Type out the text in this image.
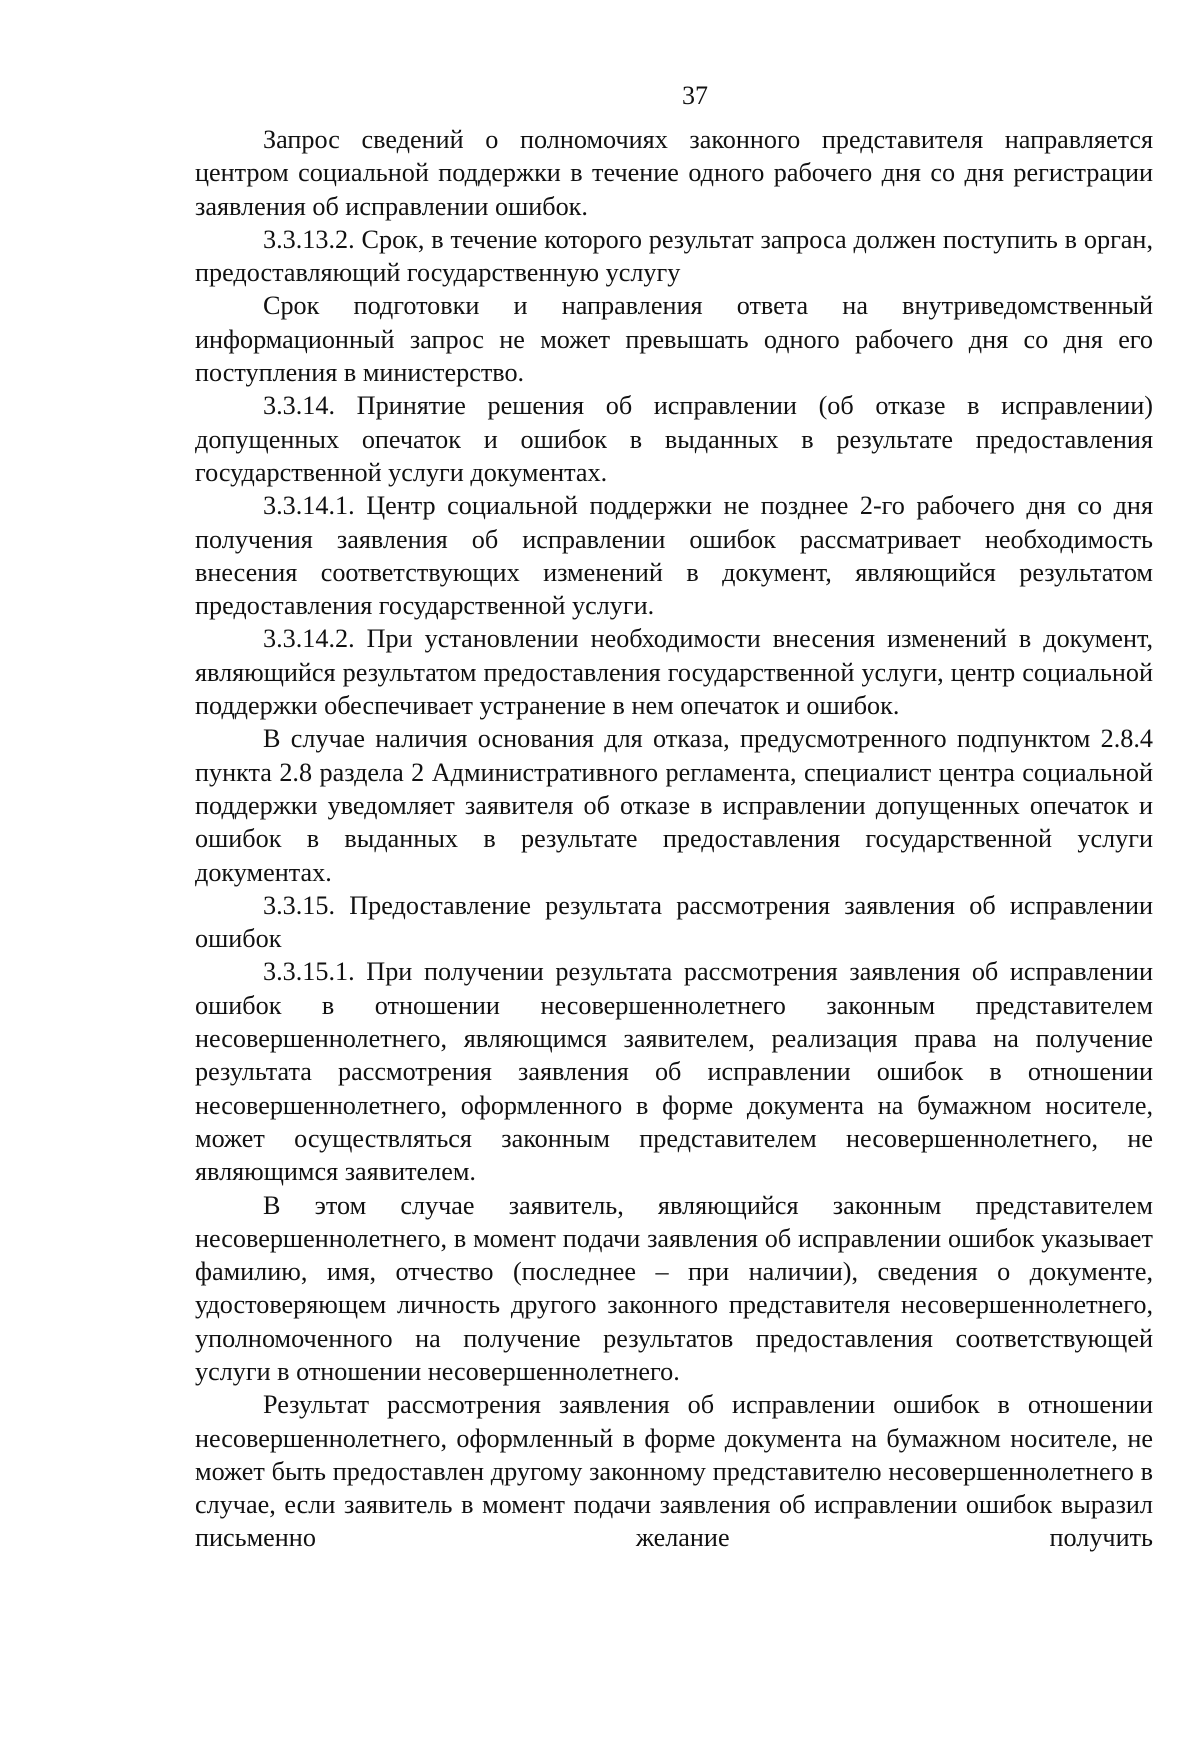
37

Запрос сведений о полномочиях законного представителя направляется центром социальной поддержки в течение одного рабочего дня со дня регистрации заявления об исправлении ошибок.

3.3.13.2. Срок, в течение которого результат запроса должен поступить в орган, предоставляющий государственную услугу

Срок подготовки и направления ответа на внутриведомственный информационный запрос не может превышать одного рабочего дня со дня его поступления в министерство.

3.3.14. Принятие решения об исправлении (об отказе в исправлении) допущенных опечаток и ошибок в выданных в результате предоставления государственной услуги документах.

3.3.14.1. Центр социальной поддержки не позднее 2-го рабочего дня со дня получения заявления об исправлении ошибок рассматривает необходимость внесения соответствующих изменений в документ, являющийся результатом предоставления государственной услуги.

3.3.14.2. При установлении необходимости внесения изменений в документ, являющийся результатом предоставления государственной услуги, центр социальной поддержки обеспечивает устранение в нем опечаток и ошибок.

В случае наличия основания для отказа, предусмотренного подпунктом 2.8.4 пункта 2.8 раздела 2 Административного регламента, специалист центра социальной поддержки уведомляет заявителя об отказе в исправлении допущенных опечаток и ошибок в выданных в результате предоставления государственной услуги документах.

3.3.15. Предоставление результата рассмотрения заявления об исправлении ошибок

3.3.15.1. При получении результата рассмотрения заявления об исправлении ошибок в отношении несовершеннолетнего законным представителем несовершеннолетнего, являющимся заявителем, реализация права на получение результата рассмотрения заявления об исправлении ошибок в отношении несовершеннолетнего, оформленного в форме документа на бумажном носителе, может осуществляться законным представителем несовершеннолетнего, не являющимся заявителем.

В этом случае заявитель, являющийся законным представителем несовершеннолетнего, в момент подачи заявления об исправлении ошибок указывает фамилию, имя, отчество (последнее – при наличии), сведения о документе, удостоверяющем личность другого законного представителя несовершеннолетнего, уполномоченного на получение результатов предоставления соответствующей услуги в отношении несовершеннолетнего.

Результат рассмотрения заявления об исправлении ошибок в отношении несовершеннолетнего, оформленный в форме документа на бумажном носителе, не может быть предоставлен другому законному представителю несовершеннолетнего в случае, если заявитель в момент подачи заявления об исправлении ошибок выразил письменно желание получить
